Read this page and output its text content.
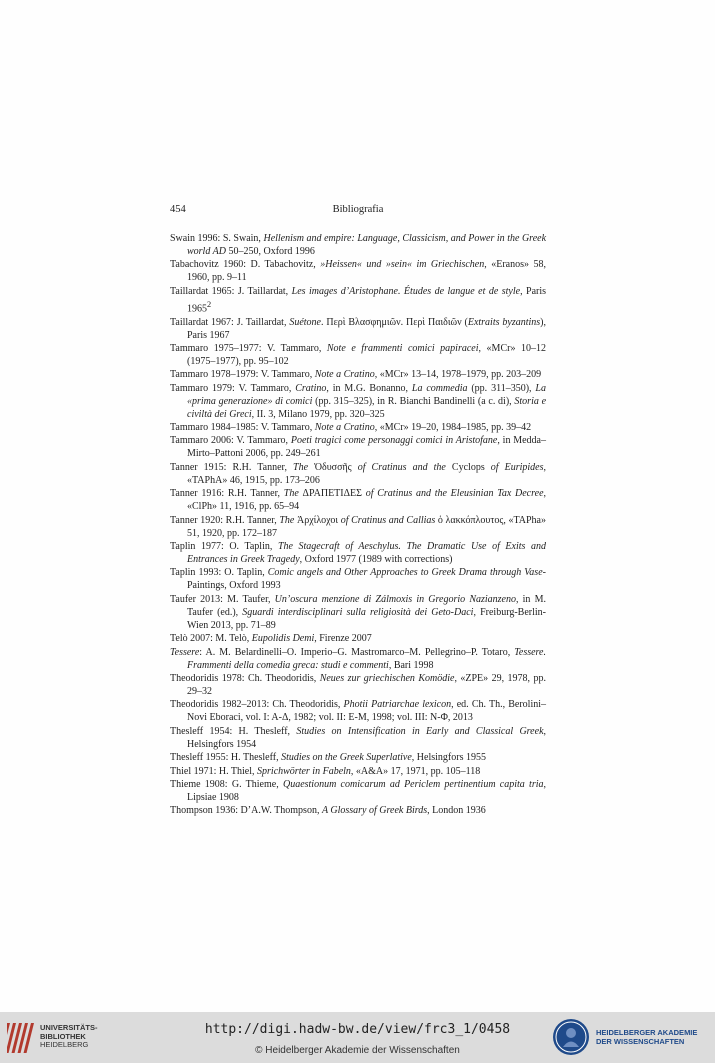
454	Bibliografia
Swain 1996: S. Swain, Hellenism and empire: Language, Classicism, and Power in the Greek world AD 50–250, Oxford 1996
Tabachovitz 1960: D. Tabachovitz, »Heissen« und »sein« im Griechischen, «Eranos» 58, 1960, pp. 9–11
Taillardat 1965: J. Taillardat, Les images d’Aristophane. Études de langue et de style, Paris 1965$^2$
Taillardat 1967: J. Taillardat, Suétone. Περὶ Βλασφημιῶν. Περὶ Παιδιῶν (Extraits byzantins), Paris 1967
Tammaro 1975–1977: V. Tammaro, Note e frammenti comici papiracei, «MCr» 10–12 (1975–1977), pp. 95–102
Tammaro 1978–1979: V. Tammaro, Note a Cratino, «MCr» 13–14, 1978–1979, pp. 203–209
Tammaro 1979: V. Tammaro, Cratino, in M.G. Bonanno, La commedia (pp. 311–350), La «prima generazione» di comici (pp. 315–325), in R. Bianchi Bandinelli (a c. di), Storia e civiltà dei Greci, II. 3, Milano 1979, pp. 320–325
Tammaro 1984–1985: V. Tammaro, Note a Cratino, «MCr» 19–20, 1984–1985, pp. 39–42
Tammaro 2006: V. Tammaro, Poeti tragici come personaggi comici in Aristofane, in Medda–Mirto–Pattoni 2006, pp. 249–261
Tanner 1915: R.H. Tanner, The Ὀδυσσῆς of Cratinus and the Cyclops of Euripides, «TAPhA» 46, 1915, pp. 173–206
Tanner 1916: R.H. Tanner, The ΔΡΑΠΕΤΙΔΕΣ of Cratinus and the Eleusinian Tax Decree, «ClPh» 11, 1916, pp. 65–94
Tanner 1920: R.H. Tanner, The Ἀρχίλοχοι of Cratinus and Callias ὁ λακκόπλουτος, «TAPha» 51, 1920, pp. 172–187
Taplin 1977: O. Taplin, The Stagecraft of Aeschylus. The Dramatic Use of Exits and Entrances in Greek Tragedy, Oxford 1977 (1989 with corrections)
Taplin 1993: O. Taplin, Comic angels and Other Approaches to Greek Drama through Vase-Paintings, Oxford 1993
Taufer 2013: M. Taufer, Un’oscura menzione di Zálmoxis in Gregorio Nazianzeno, in M. Taufer (ed.), Sguardi interdisciplinari sulla religiosità dei Geto-Daci, Freiburg-Berlin-Wien 2013, pp. 71–89
Telò 2007: M. Telò, Eupolidis Demi, Firenze 2007
Tessere: A. M. Belardinelli–O. Imperio–G. Mastromarco–M. Pellegrino–P. Totaro, Tessere. Frammenti della comedia greca: studi e commenti, Bari 1998
Theodoridis 1978: Ch. Theodoridis, Neues zur griechischen Komödie, «ZPE» 29, 1978, pp. 29–32
Theodoridis 1982–2013: Ch. Theodoridis, Photii Patriarchae lexicon, ed. Ch. Th., Berolini–Novi Eboraci, vol. I: A-Δ, 1982; vol. II: E-M, 1998; vol. III: N-Φ, 2013
Thesleff 1954: H. Thesleff, Studies on Intensification in Early and Classical Greek, Helsingfors 1954
Thesleff 1955: H. Thesleff, Studies on the Greek Superlative, Helsingfors 1955
Thiel 1971: H. Thiel, Sprichwörter in Fabeln, «A&A» 17, 1971, pp. 105–118
Thieme 1908: G. Thieme, Quaestionum comicarum ad Periclem pertinentium capita tria, Lipsiae 1908
Thompson 1936: D’A.W. Thompson, A Glossary of Greek Birds, London 1936
UNIVERSITÄTS-
BIBLIOTHEK
HEIDELBERG
http://digi.hadw-bw.de/view/frc3_1/0458
© Heidelberger Akademie der Wissenschaften
HEIDELBERGER AKADEMIE
DER WISSENSCHAFTEN
